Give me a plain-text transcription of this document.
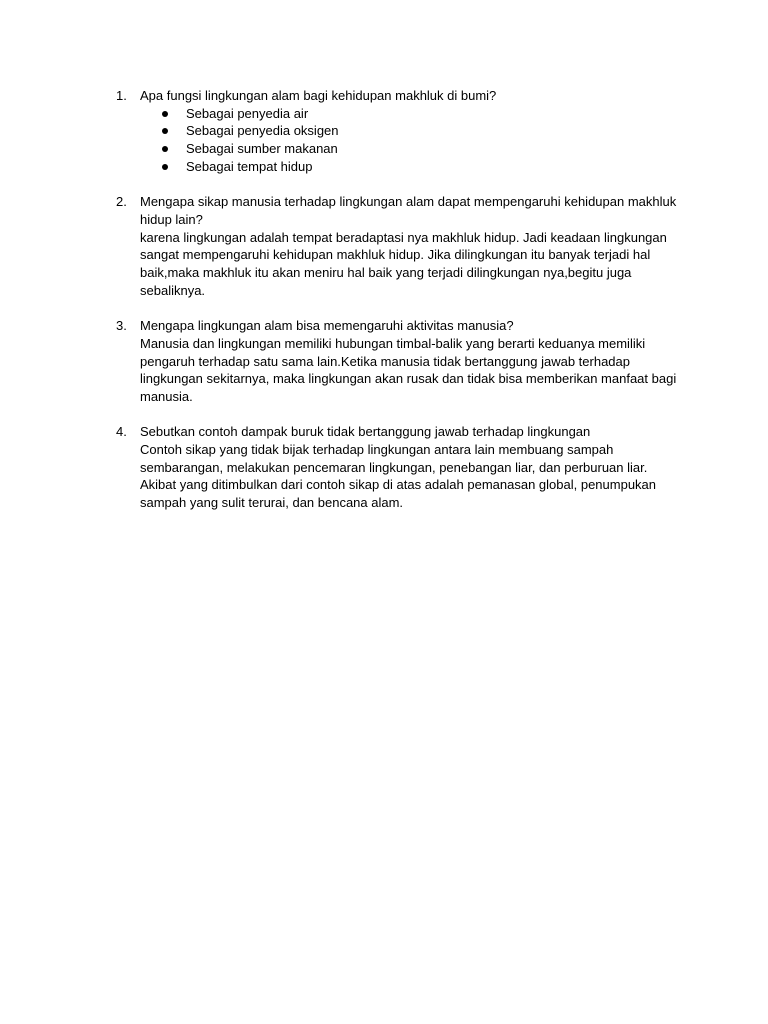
1. Apa fungsi lingkungan alam bagi kehidupan makhluk di bumi?
Sebagai penyedia air
Sebagai penyedia oksigen
Sebagai sumber makanan
Sebagai tempat hidup
2. Mengapa sikap manusia terhadap lingkungan alam dapat mempengaruhi kehidupan makhluk hidup lain?
karena lingkungan adalah tempat beradaptasi nya makhluk hidup. Jadi keadaan lingkungan sangat mempengaruhi kehidupan makhluk hidup. Jika dilingkungan itu banyak terjadi hal baik,maka makhluk itu akan meniru hal baik yang terjadi dilingkungan nya,begitu juga sebaliknya.
3. Mengapa lingkungan alam bisa memengaruhi aktivitas manusia?
Manusia dan lingkungan memiliki hubungan timbal-balik yang berarti keduanya memiliki pengaruh terhadap satu sama lain.Ketika manusia tidak bertanggung jawab terhadap lingkungan sekitarnya, maka lingkungan akan rusak dan tidak bisa memberikan manfaat bagi manusia.
4. Sebutkan contoh dampak buruk tidak bertanggung jawab terhadap lingkungan
Contoh sikap yang tidak bijak terhadap lingkungan antara lain membuang sampah sembarangan, melakukan pencemaran lingkungan, penebangan liar, dan perburuan liar. Akibat yang ditimbulkan dari contoh sikap di atas adalah pemanasan global, penumpukan sampah yang sulit terurai, dan bencana alam.
